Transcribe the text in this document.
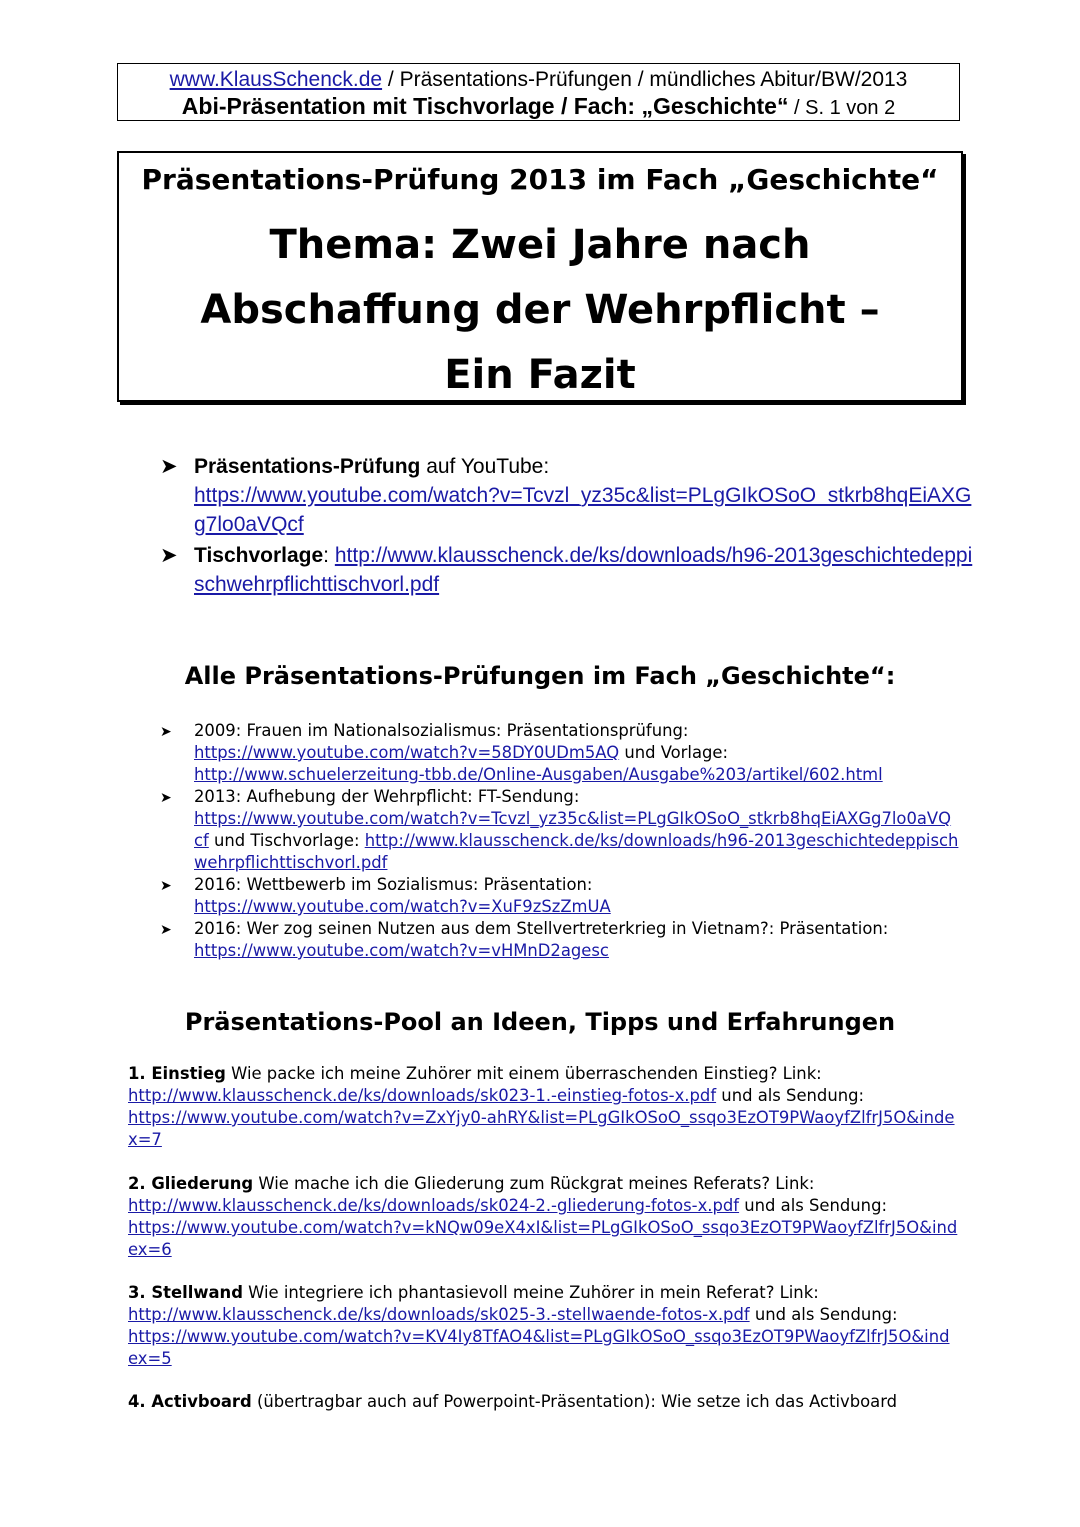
www.KlausSchenck.de / Präsentations-Prüfungen / mündliches Abitur/BW/2013
Abi-Präsentation mit Tischvorlage / Fach: „Geschichte“ / S. 1 von 2
Präsentations-Prüfung 2013 im Fach „Geschichte“
Thema: Zwei Jahre nach
Abschaffung der Wehrpflicht –
Ein Fazit
➤ Präsentations-Prüfung auf YouTube:
https://www.youtube.com/watch?v=Tcvzl_yz35c&list=PLgGIkOSoO_stkrb8hqEiAXGg7lo0aVQcf
➤ Tischvorlage: http://www.klausschenck.de/ks/downloads/h96-2013geschichtedeppischwehrpflichttischvorl.pdf
Alle Präsentations-Prüfungen im Fach „Geschichte“:
➤ 2009: Frauen im Nationalsozialismus: Präsentationsprüfung:
https://www.youtube.com/watch?v=58DY0UDm5AQ und Vorlage:
http://www.schuelerzeitung-tbb.de/Online-Ausgaben/Ausgabe%203/artikel/602.html
➤ 2013: Aufhebung der Wehrpflicht: FT-Sendung:
https://www.youtube.com/watch?v=Tcvzl_yz35c&list=PLgGIkOSoO_stkrb8hqEiAXGg7lo0aVQcf und Tischvorlage: http://www.klausschenck.de/ks/downloads/h96-2013geschichtedeppischwehrpflichttischvorl.pdf
➤ 2016: Wettbewerb im Sozialismus: Präsentation:
https://www.youtube.com/watch?v=XuF9zSzZmUA
➤ 2016: Wer zog seinen Nutzen aus dem Stellvertreterkrieg in Vietnam?: Präsentation:
https://www.youtube.com/watch?v=vHMnD2agesc
Präsentations-Pool an Ideen, Tipps und Erfahrungen
1. Einstieg Wie packe ich meine Zuhörer mit einem überraschenden Einstieg? Link:
http://www.klausschenck.de/ks/downloads/sk023-1.-einstieg-fotos-x.pdf und als Sendung:
https://www.youtube.com/watch?v=ZxYjy0-ahRY&list=PLgGIkOSoO_ssqo3EzOT9PWaoyfZlfrJ5O&index=7
2. Gliederung Wie mache ich die Gliederung zum Rückgrat meines Referats? Link:
http://www.klausschenck.de/ks/downloads/sk024-2.-gliederung-fotos-x.pdf und als Sendung:
https://www.youtube.com/watch?v=kNQw09eX4xI&list=PLgGIkOSoO_ssqo3EzOT9PWaoyfZlfrJ5O&index=6
3. Stellwand Wie integriere ich phantasievoll meine Zuhörer in mein Referat? Link:
http://www.klausschenck.de/ks/downloads/sk025-3.-stellwaende-fotos-x.pdf und als Sendung:
https://www.youtube.com/watch?v=KV4Iy8TfAO4&list=PLgGIkOSoO_ssqo3EzOT9PWaoyfZlfrJ5O&index=5
4. Activboard (übertragbar auch auf Powerpoint-Präsentation): Wie setze ich das Activboard
